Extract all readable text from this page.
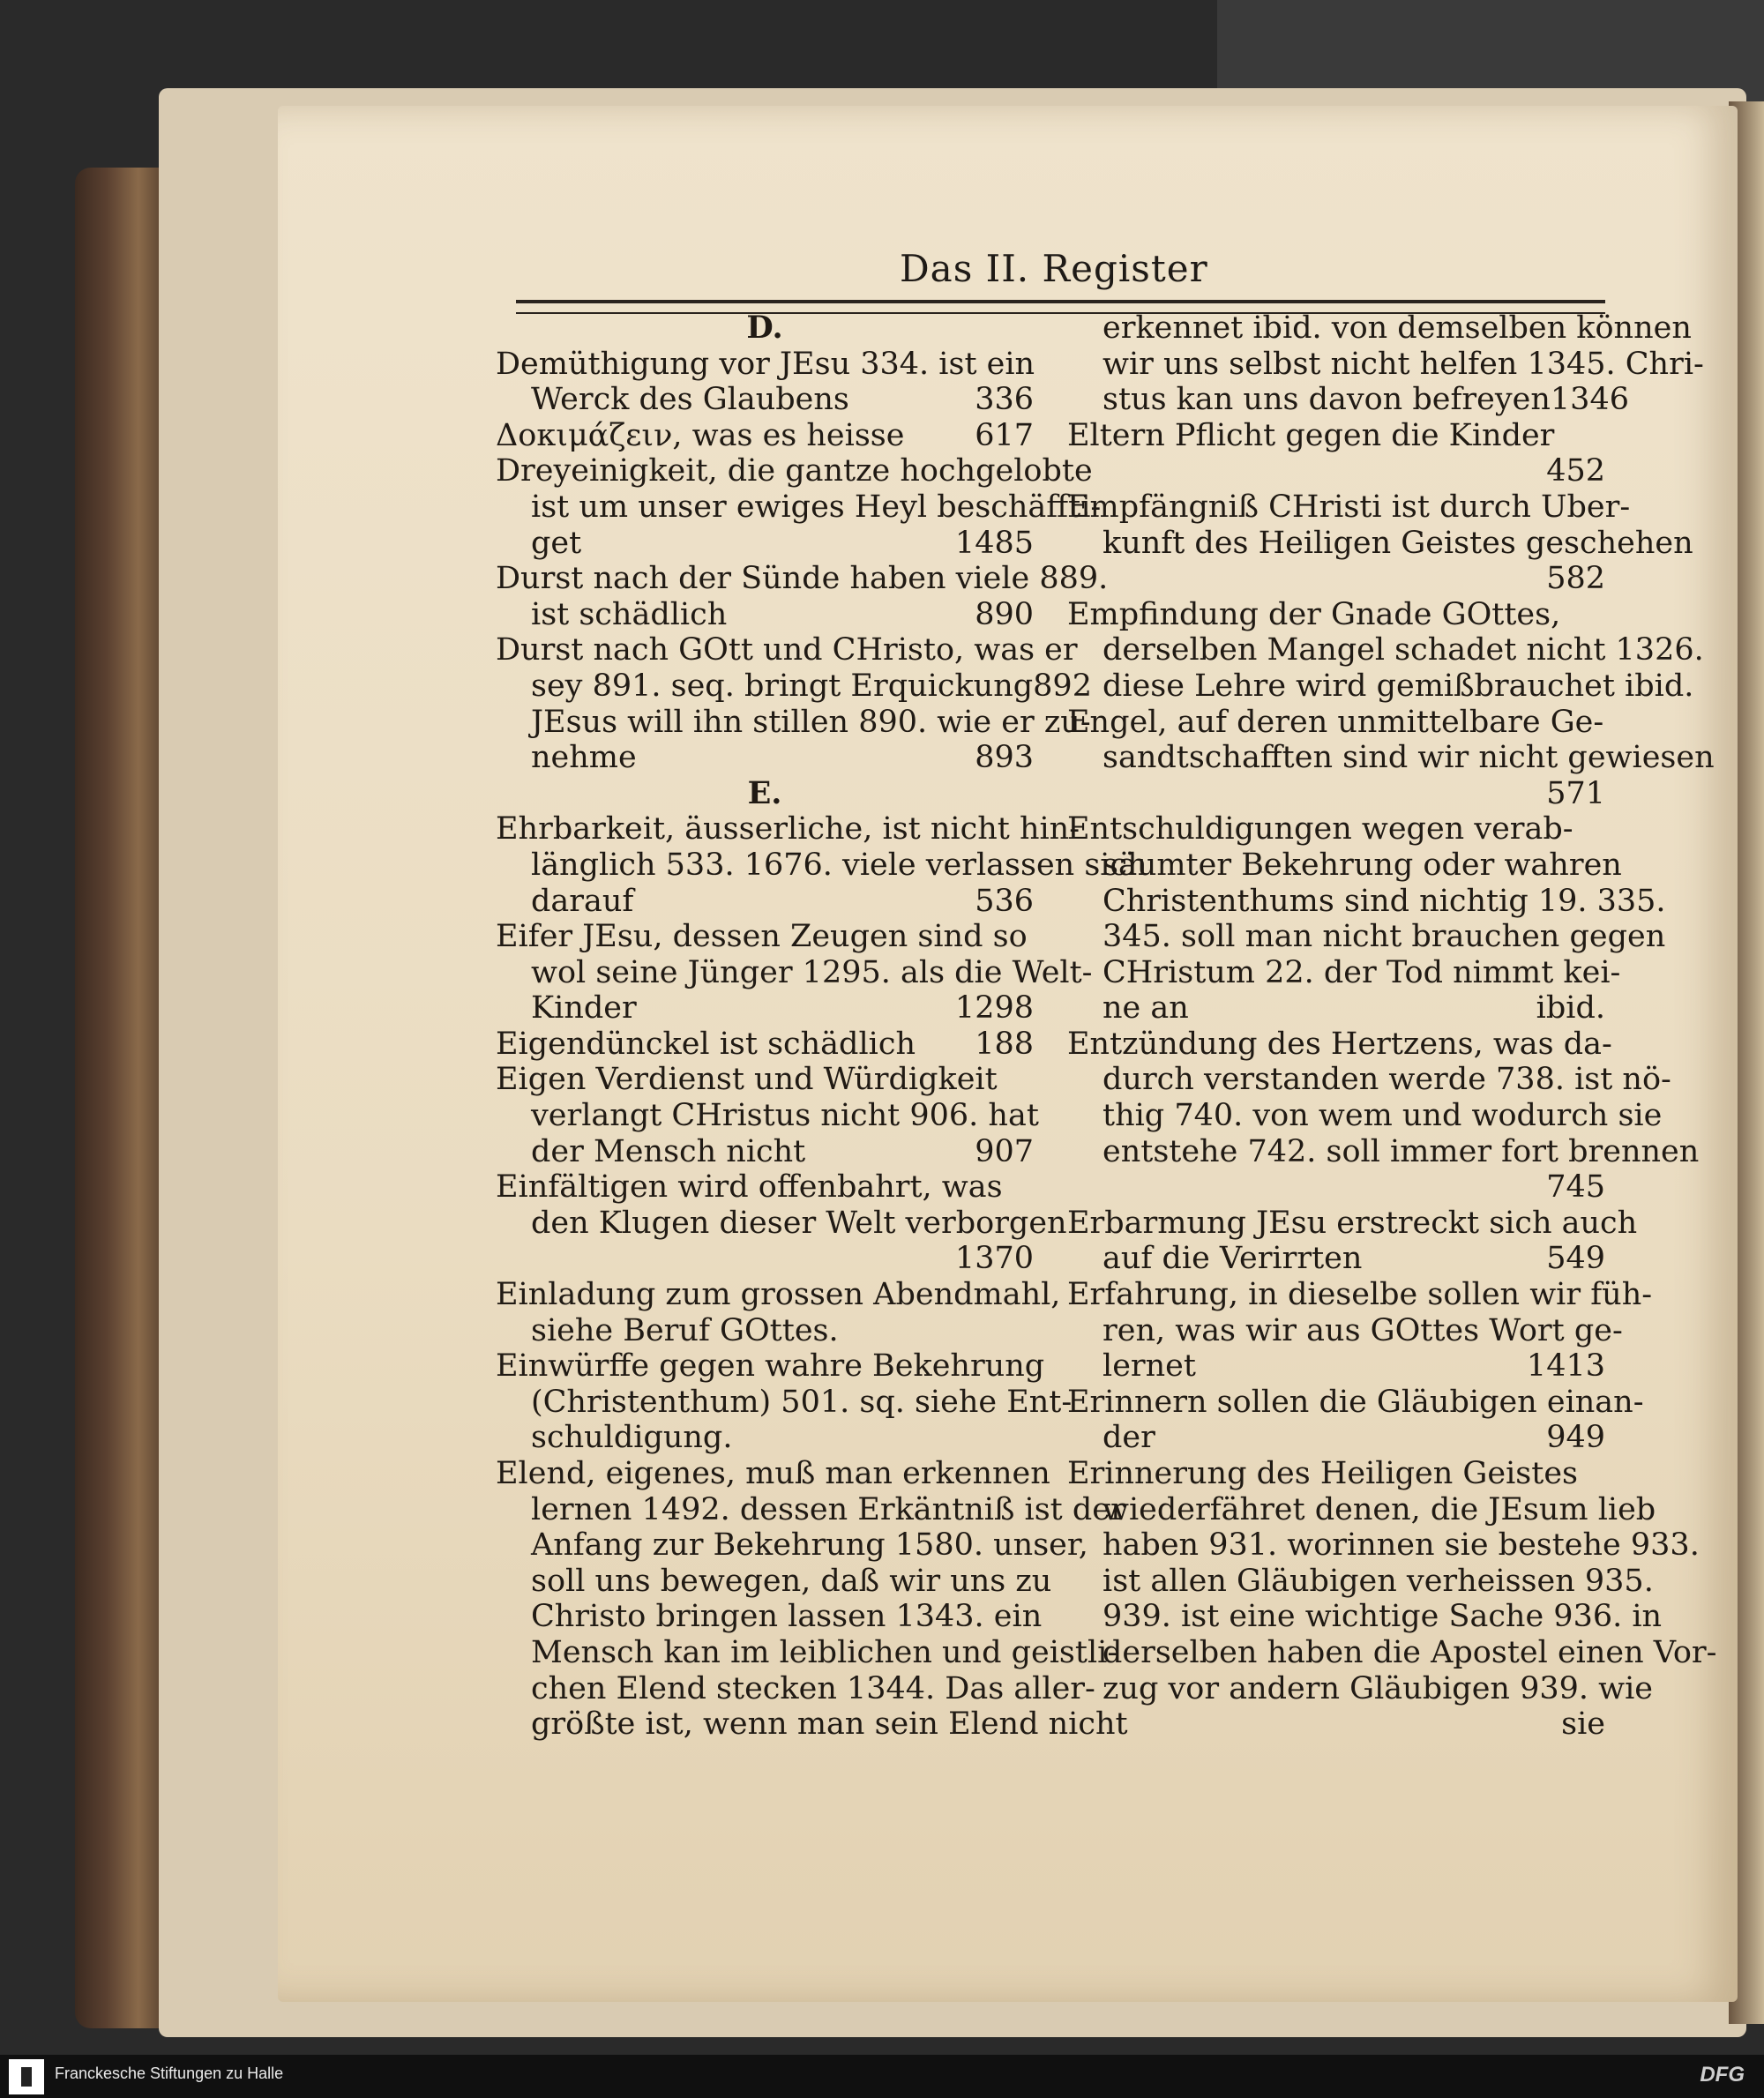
Das II. Register
D.
Demüthigung vor JEsu 334. ist ein
Werck des Glaubens	336
Δοκιμάζειν, was es heisse 617
Dreyeinigkeit, die gantze hochgelobte
ist um unser ewiges Heyl beschäffti-
get	1485
Durst nach der Sünde haben viele 889.
ist schädlich	890
Durst nach GOtt und CHristo, was er
sey 891. seq. bringt Erquickung 892
JEsus will ihn stillen 890. wie er zu-
nehme	893
E.
Ehrbarkeit, äusserliche, ist nicht hin-
länglich 533. 1676. viele verlassen sich
darauf	536
Eifer JEsu, dessen Zeugen sind so
wol seine Jünger 1295. als die Welt-
Kinder	1298
Eigendünckel ist schädlich 188
Eigen Verdienst und Würdigkeit
verlangt CHristus nicht 906. hat
der Mensch nicht	907
Einfältigen wird offenbahrt, was
den Klugen dieser Welt verborgen
1370
Einladung zum grossen Abendmahl,
siehe Beruf GOttes.
Einwürffe gegen wahre Bekehrung
(Christenthum) 501. sq. siehe Ent-
schuldigung.
Elend, eigenes, muß man erkennen
lernen 1492. dessen Erkäntniß ist der
Anfang zur Bekehrung 1580. unser,
soll uns bewegen, daß wir uns zu
Christo bringen lassen 1343. ein
Mensch kan im leiblichen und geistli-
chen Elend stecken 1344. Das aller-
größte ist, wenn man sein Elend nicht
erkennet ibid. von demselben können
wir uns selbst nicht helfen 1345. Chri-
stus kan uns davon befreyen 1346
Eltern Pflicht gegen die Kinder
452
Empfängniß CHristi ist durch Uber-
kunft des Heiligen Geistes geschehen
582
Empfindung der Gnade GOttes,
derselben Mangel schadet nicht 1326.
diese Lehre wird gemißbrauchet ibid.
Engel, auf deren unmittelbare Ge-
sandtschafften sind wir nicht gewiesen
571
Entschuldigungen wegen verab-
säumter Bekehrung oder wahren
Christenthums sind nichtig 19. 335.
345. soll man nicht brauchen gegen
CHristum 22. der Tod nimmt kei-
ne an	ibid.
Entzündung des Hertzens, was da-
durch verstanden werde 738. ist nö-
thig 740. von wem und wodurch sie
entstehe 742. soll immer fort brennen
745
Erbarmung JEsu erstreckt sich auch
auf die Verirrten	549
Erfahrung, in dieselbe sollen wir füh-
ren, was wir aus GOttes Wort ge-
lernet	1413
Erinnern sollen die Gläubigen einan-
der	949
Erinnerung des Heiligen Geistes
wiederfähret denen, die JEsum lieb
haben 931. worinnen sie bestehe 933.
ist allen Gläubigen verheissen 935.
939. ist eine wichtige Sache 936. in
derselben haben die Apostel einen Vor-
zug vor andern Gläubigen 939. wie
sie
Franckesche Stiftungen zu Halle	DFG
